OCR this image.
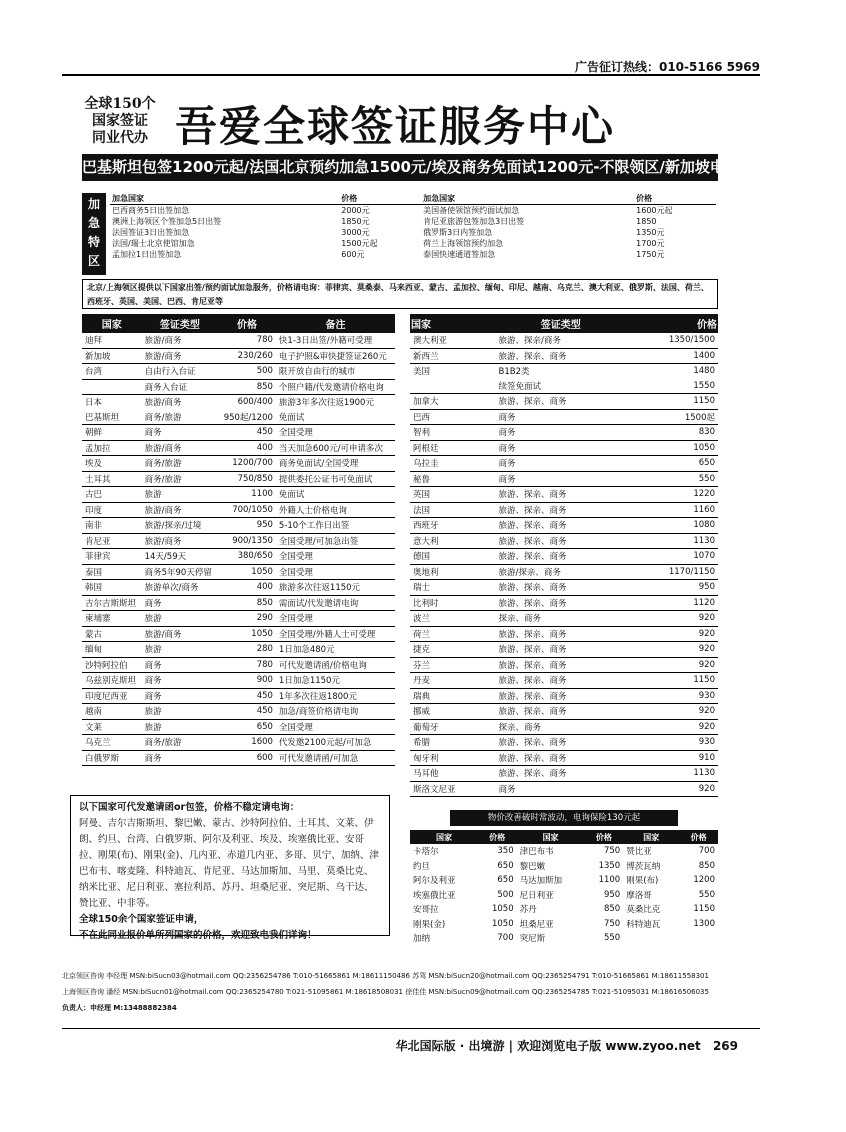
广告征订热线：010-5166 5969
全球150个
国家签证
同业代办 吾爱全球签证服务中心
巴基斯坦包签1200元起/法国北京预约加急1500元/埃及商务免面试1200元-不限领区/新加坡电子快捷签证230元
加急特区
加急国家	价格	加急国家	价格
巴西商务5日出签加急	2000元	美国备使领馆预约面试加急	1600元起
澳洲上海领区个签加急5日出签	1850元	肯尼亚旅游包签加急3日出签	1850
法国签证3日出签加急	3000元	俄罗斯3日内签加急	1350元
法国/瑞士北京使馆加急	1500元起	荷兰上海领馆预约加急	1700元
孟加拉1日出签加急	600元	泰国快速通道签加急	1750元
北京/上海领区提供以下国家出签/预约面试加急服务，价格请电询：菲律宾、莫桑泰、马来西亚、蒙古、孟加拉、缅甸、印尼、越南、乌克兰、澳大利亚、俄罗斯、法国、荷兰、西班牙、英国、美国、巴西、肯尼亚等
国家	签证类型	价格	备注
迪拜	旅游/商务	780	快1-3日出签/外籍可受理
新加坡	旅游/商务	230/260	电子护照&审快捷签证260元
台湾	自由行入台证	500	限开放自由行的城市
	商务入台证	850	个照户籍/代发邀请价格电询
日本	旅游/商务	600/400	旅游3年多次往返1900元
巴基斯坦	商务/旅游	950起/1200	免面试
朝鲜	商务	450	全国受理
孟加拉	旅游/商务	400	当天加急600元/可申请多次
埃及	商务/旅游	1200/700	商务免面试/全国受理
土耳其	商务/旅游	750/850	提供委托公证书可免面试
古巴	旅游	1100	免面试
印度	旅游/商务	700/1050	外籍人士价格电询
南非	旅游/探亲/过境	950	5-10个工作日出签
肯尼亚	旅游/商务	900/1350	全国受理/可加急出签
菲律宾	14天/59天	380/650	全国受理
泰国	商务5年90天停留	1050	全国受理
韩国	旅游单次/商务	400	旅游多次往返1150元
吉尔吉斯斯坦	商务	850	需面试/代发邀请电询
柬埔寨	旅游	290	全国受理
蒙古	旅游/商务	1050	全国受理/外籍人士可受理
缅甸	旅游	280	1日加急480元
沙特阿拉伯	商务	780	可代发邀请函/价格电询
乌兹别克斯坦	商务	900	1日加急1150元
印度尼西亚	商务	450	1年多次往返1800元
越南	旅游	450	加急/商签价格请电询
文莱	旅游	650	全国受理
乌克兰	商务/旅游	1600	代发邀2100元起/可加急
白俄罗斯	商务	600	可代发邀请函/可加急
国家	签证类型	价格
澳大利亚	旅游、探亲/商务	1350/1500
新西兰	旅游、探亲、商务	1400
美国	B1B2类	1480
	续签免面试	1550
加拿大	旅游、探亲、商务	1150
巴西	商务	1500起
智利	商务	830
阿根廷	商务	1050
乌拉圭	商务	650
秘鲁	商务	550
英国	旅游、探亲、商务	1220
法国	旅游、探亲、商务	1160
西班牙	旅游、探亲、商务	1080
意大利	旅游、探亲、商务	1130
德国	旅游、探亲、商务	1070
奥地利	旅游/探亲、商务	1170/1150
瑞士	旅游、探亲、商务	950
比利时	旅游、探亲、商务	1120
波兰	探亲、商务	920
荷兰	旅游、探亲、商务	920
捷克	旅游、探亲、商务	920
芬兰	旅游、探亲、商务	920
丹麦	旅游、探亲、商务	1150
瑞典	旅游、探亲、商务	930
挪威	旅游、探亲、商务	920
葡萄牙	探亲、商务	920
希腊	旅游、探亲、商务	930
匈牙利	旅游、探亲、商务	910
马耳他	旅游、探亲、商务	1130
斯洛文尼亚	商务	920
以下国家可代发邀请函or包签，价格不稳定请电询：
阿曼、吉尔吉斯斯坦、黎巴嫩、蒙古、沙特阿拉伯、土耳其、文莱、伊朗、约旦、台湾、白俄罗斯、阿尔及利亚、埃及、埃塞俄比亚、安哥拉、刚果(布)、刚果(金)、几内亚、赤道几内亚、多哥、贝宁、加纳、津巴布韦、喀麦隆、科特迪瓦、肯尼亚、马达加斯加、马里、莫桑比克、纳米比亚、尼日利亚、塞拉利昂、苏丹、坦桑尼亚、突尼斯、乌干达、赞比亚、中非等。
全球150余个国家签证申请，
不在此同业报价单所列国家的价格，欢迎致电我们详询！
物价改善破时常波动，电询保险130元起
国家	价格	国家	价格	国家	价格
卡塔尔	350	津巴布韦	750	赞比亚	700
约旦	650	黎巴嫩	1350	博茨瓦纳	850
阿尔及利亚	650	马达加斯加	1100	刚果(布)	1200
埃塞俄比亚	500	尼日利亚	950	摩洛哥	550
安哥拉	1050	苏丹	850	莫桑比克	1150
刚果(金)	1050	坦桑尼亚	750	科特迪瓦	1300
加纳	700	突尼斯	550		
北京领区咨询 李经理 MSN:biSucn03@hotmail.com QQ:2356254786 T:010-51665861 M:18611150486 苏驾 MSN:biSucn20@hotmail.com QQ:2365254791 T:010-51665861 M:18611558301
上海领区咨询 潘经 MSN:biSucn01@hotmail.com QQ:2365254780 T:021-51095861 M:18618508031 徐佳佳 MSN:biSucn09@hotmail.com QQ:2365254785 T:021-51095031 M:18616506035
负责人：申经理 M:13488882384
华北国际版 · 出境游 | 欢迎浏览电子版 www.zyoo.net 269
